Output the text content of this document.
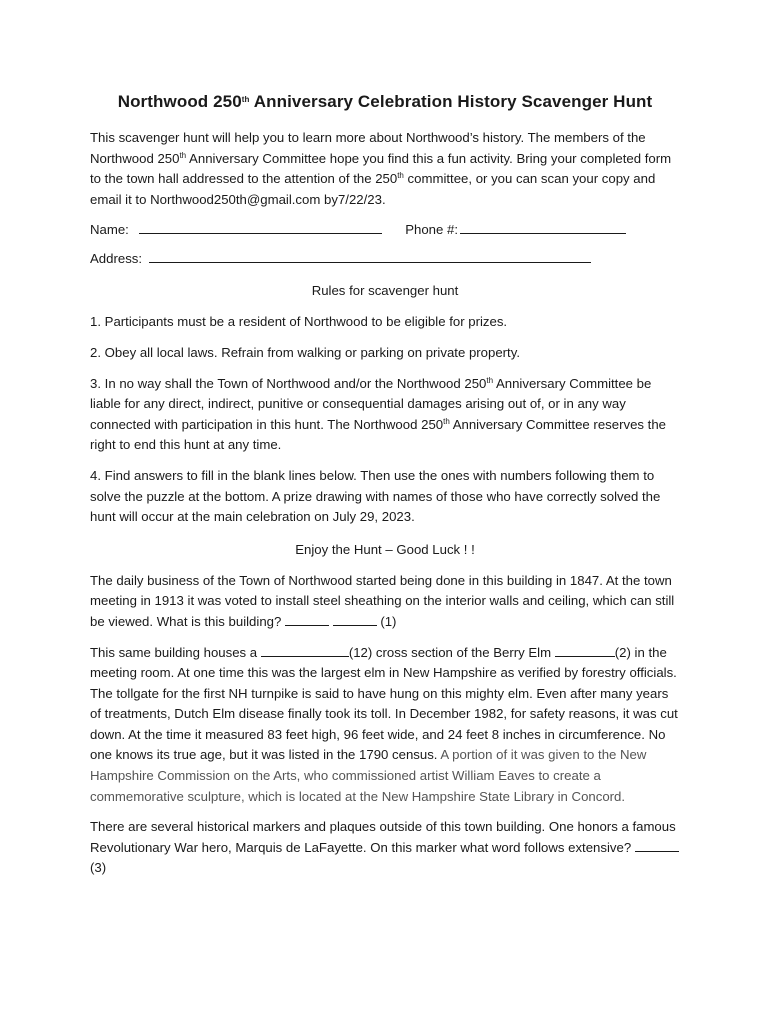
Northwood 250th Anniversary Celebration History Scavenger Hunt

This scavenger hunt will help you to learn more about Northwood’s history. The members of the Northwood 250th Anniversary Committee hope you find this a fun activity. Bring your completed form to the town hall addressed to the attention of the 250th committee, or you can scan your copy and email it to Northwood250th@gmail.com by7/22/23.

Name:	Phone #:
Address:
Rules for scavenger hunt

1. Participants must be a resident of Northwood to be eligible for prizes.

2. Obey all local laws. Refrain from walking or parking on private property.

3. In no way shall the Town of Northwood and/or the Northwood 250th Anniversary Committee be liable for any direct, indirect, punitive or consequential damages arising out of, or in any way connected with participation in this hunt. The Northwood 250th Anniversary Committee reserves the right to end this hunt at any time.

4. Find answers to fill in the blank lines below. Then use the ones with numbers following them to solve the puzzle at the bottom. A prize drawing with names of those who have correctly solved the hunt will occur at the main celebration on July 29, 2023.

Enjoy the Hunt – Good Luck ! !

The daily business of the Town of Northwood started being done in this building in 1847. At the town meeting in 1913 it was voted to install steel sheathing on the interior walls and ceiling, which can still be viewed. What is this building?	(1)

This same building houses a	(12) cross section of the Berry Elm	(2) in the meeting room. At one time this was the largest elm in New Hampshire as verified by forestry officials. The tollgate for the first NH turnpike is said to have hung on this mighty elm. Even after many years of treatments, Dutch Elm disease finally took its toll. In December 1982, for safety reasons, it was cut down. At the time it measured 83 feet high, 96 feet wide, and 24 feet 8 inches in circumference. No one knows its true age, but it was listed in the 1790 census. A portion of it was given to the New Hampshire Commission on the Arts, who commissioned artist William Eaves to create a commemorative sculpture, which is located at the New Hampshire State Library in Concord.

There are several historical markers and plaques outside of this town building. One honors a famous Revolutionary War hero, Marquis de LaFayette. On this marker what word follows extensive? (3)
